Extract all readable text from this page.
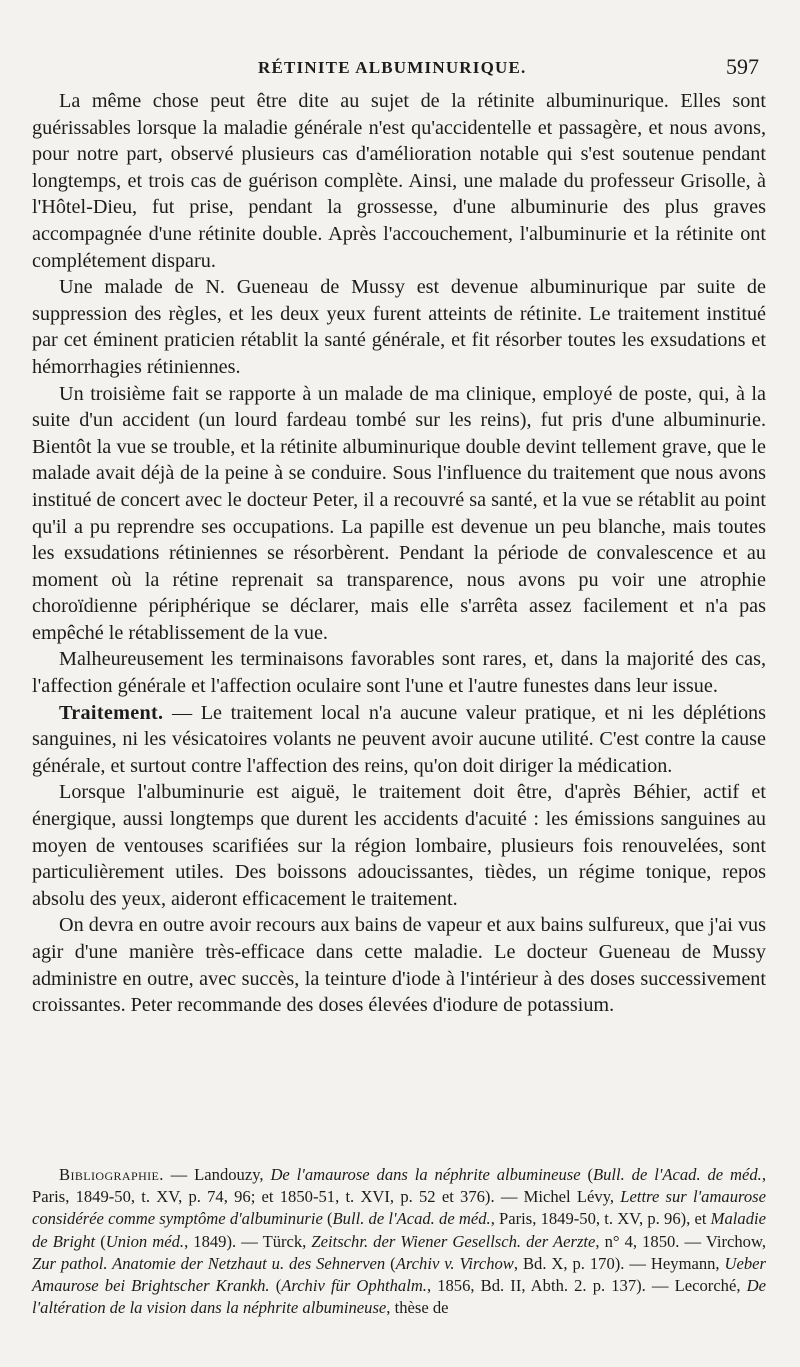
RÉTINITE ALBUMINURIQUE.	597

La même chose peut être dite au sujet de la rétinite albuminurique. Elles sont guérissables lorsque la maladie générale n'est qu'accidentelle et passagère, et nous avons, pour notre part, observé plusieurs cas d'amélioration notable qui s'est soutenue pendant longtemps, et trois cas de guérison complète. Ainsi, une malade du professeur Grisolle, à l'Hôtel-Dieu, fut prise, pendant la grossesse, d'une albuminurie des plus graves accompagnée d'une rétinite double. Après l'accouchement, l'albuminurie et la rétinite ont complétement disparu.

Une malade de N. Gueneau de Mussy est devenue albuminurique par suite de suppression des règles, et les deux yeux furent atteints de rétinite. Le traitement institué par cet éminent praticien rétablit la santé générale, et fit résorber toutes les exsudations et hémorrhagies rétiniennes.

Un troisième fait se rapporte à un malade de ma clinique, employé de poste, qui, à la suite d'un accident (un lourd fardeau tombé sur les reins), fut pris d'une albuminurie. Bientôt la vue se trouble, et la rétinite albuminurique double devint tellement grave, que le malade avait déjà de la peine à se conduire. Sous l'influence du traitement que nous avons institué de concert avec le docteur Peter, il a recouvré sa santé, et la vue se rétablit au point qu'il a pu reprendre ses occupations. La papille est devenue un peu blanche, mais toutes les exsudations rétiniennes se résorbèrent. Pendant la période de convalescence et au moment où la rétine reprenait sa transparence, nous avons pu voir une atrophie choroïdienne périphérique se déclarer, mais elle s'arrêta assez facilement et n'a pas empêché le rétablissement de la vue.

Malheureusement les terminaisons favorables sont rares, et, dans la majorité des cas, l'affection générale et l'affection oculaire sont l'une et l'autre funestes dans leur issue.

Traitement. — Le traitement local n'a aucune valeur pratique, et ni les déplétions sanguines, ni les vésicatoires volants ne peuvent avoir aucune utilité. C'est contre la cause générale, et surtout contre l'affection des reins, qu'on doit diriger la médication.

Lorsque l'albuminurie est aiguë, le traitement doit être, d'après Béhier, actif et énergique, aussi longtemps que durent les accidents d'acuité : les émissions sanguines au moyen de ventouses scarifiées sur la région lombaire, plusieurs fois renouvelées, sont particulièrement utiles. Des boissons adoucissantes, tièdes, un régime tonique, repos absolu des yeux, aideront efficacement le traitement.

On devra en outre avoir recours aux bains de vapeur et aux bains sulfureux, que j'ai vus agir d'une manière très-efficace dans cette maladie. Le docteur Gueneau de Mussy administre en outre, avec succès, la teinture d'iode à l'intérieur à des doses successivement croissantes. Peter recommande des doses élevées d'iodure de potassium.

Bibliographie. — Landouzy, De l'amaurose dans la néphrite albumineuse (Bull. de l'Acad. de méd., Paris, 1849-50, t. XV, p. 74, 96; et 1850-51, t. XVI, p. 52 et 376). — Michel Lévy, Lettre sur l'amaurose considérée comme symptôme d'albuminurie (Bull. de l'Acad. de méd., Paris, 1849-50, t. XV, p. 96), et Maladie de Bright (Union méd., 1849). — Türck, Zeitschr. der Wiener Gesellsch. der Aerzte, n° 4, 1850. — Virchow, Zur pathol. Anatomie der Netzhaut u. des Sehnerven (Archiv v. Virchow, Bd. X, p. 170). — Heymann, Ueber Amaurose bei Brightscher Krankh. (Archiv für Ophthalm., 1856, Bd. II, Abth. 2. p. 137). — Lecorché, De l'altération de la vision dans la néphrite albumineuse, thèse de
